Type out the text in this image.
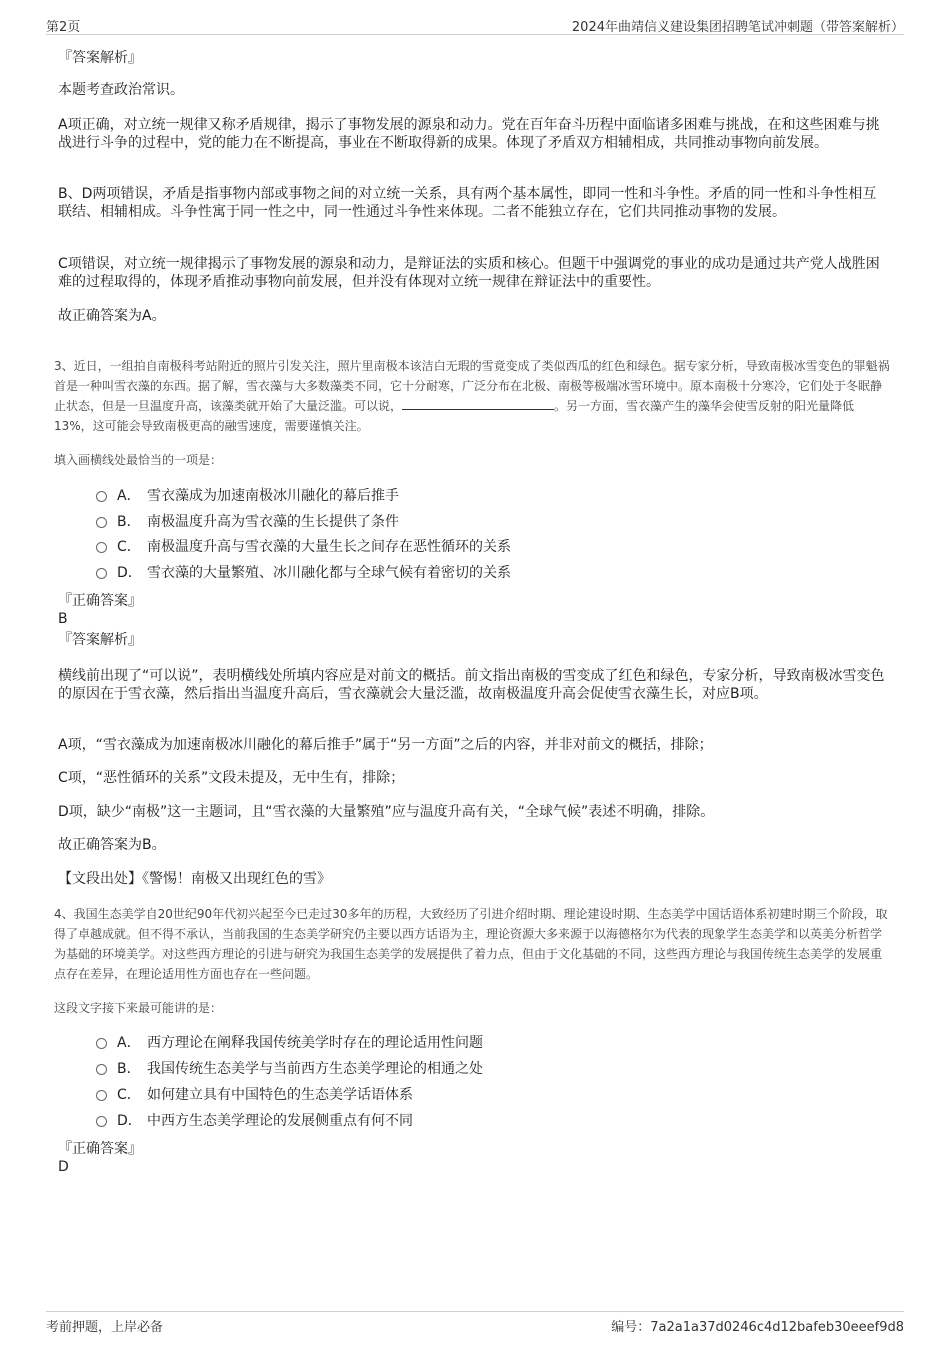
第2页	2024年曲靖信义建设集团招聘笔试冲刺题（带答案解析）
『答案解析』
本题考查政治常识。
A项正确，对立统一规律又称矛盾规律，揭示了事物发展的源泉和动力。党在百年奋斗历程中面临诸多困难与挑战，在和这些困难与挑战进行斗争的过程中，党的能力在不断提高，事业在不断取得新的成果。体现了矛盾双方相辅相成，共同推动事物向前发展。
B、D两项错误，矛盾是指事物内部或事物之间的对立统一关系，具有两个基本属性，即同一性和斗争性。矛盾的同一性和斗争性相互联结、相辅相成。斗争性寓于同一性之中，同一性通过斗争性来体现。二者不能独立存在，它们共同推动事物的发展。
C项错误，对立统一规律揭示了事物发展的源泉和动力，是辩证法的实质和核心。但题干中强调党的事业的成功是通过共产党人战胜困难的过程取得的，体现矛盾推动事物向前发展，但并没有体现对立统一规律在辩证法中的重要性。
故正确答案为A。
3、近日，一组拍自南极科考站附近的照片引发关注，照片里南极本该洁白无瑕的雪竟变成了类似西瓜的红色和绿色。据专家分析，导致南极冰雪变色的罪魁祸首是一种叫雪衣藻的东西。据了解，雪衣藻与大多数藻类不同，它十分耐寒，广泛分布在北极、南极等极端冰雪环境中。原本南极十分寒冷，它们处于冬眠静止状态，但是一旦温度升高，该藻类就开始了大量泛滥。可以说，	。另一方面，雪衣藻产生的藻华会使雪反射的阳光量降低13%，这可能会导致南极更高的融雪速度，需要谨慎关注。
填入画横线处最恰当的一项是：
A． 雪衣藻成为加速南极冰川融化的幕后推手
B． 南极温度升高为雪衣藻的生长提供了条件
C． 南极温度升高与雪衣藻的大量生长之间存在恶性循环的关系
D． 雪衣藻的大量繁殖、冰川融化都与全球气候有着密切的关系
『正确答案』
B
『答案解析』
横线前出现了“可以说”，表明横线处所填内容应是对前文的概括。前文指出南极的雪变成了红色和绿色，专家分析，导致南极冰雪变色的原因在于雪衣藻，然后指出当温度升高后，雪衣藻就会大量泛滥，故南极温度升高会促使雪衣藻生长，对应B项。
A项，“雪衣藻成为加速南极冰川融化的幕后推手”属于“另一方面”之后的内容，并非对前文的概括，排除；
C项，“恶性循环的关系”文段未提及，无中生有，排除；
D项，缺少“南极”这一主题词，且“雪衣藻的大量繁殖”应与温度升高有关，“全球气候”表述不明确，排除。
故正确答案为B。
【文段出处】《警惕！南极又出现红色的雪》
4、我国生态美学自20世纪90年代初兴起至今已走过30多年的历程，大致经历了引进介绍时期、理论建设时期、生态美学中国话语体系初建时期三个阶段，取得了卓越成就。但不得不承认，当前我国的生态美学研究仍主要以西方话语为主，理论资源大多来源于以海德格尔为代表的现象学生态美学和以英美分析哲学为基础的环境美学。对这些西方理论的引进与研究为我国生态美学的发展提供了着力点，但由于文化基础的不同，这些西方理论与我国传统生态美学的发展重点存在差异，在理论适用性方面也存在一些问题。
这段文字接下来最可能讲的是：
A． 西方理论在阐释我国传统美学时存在的理论适用性问题
B． 我国传统生态美学与当前西方生态美学理论的相通之处
C． 如何建立具有中国特色的生态美学话语体系
D． 中西方生态美学理论的发展侧重点有何不同
『正确答案』
D
考前押题，上岸必备	编号：7a2a1a37d0246c4d12bafeb30eeef9d8
